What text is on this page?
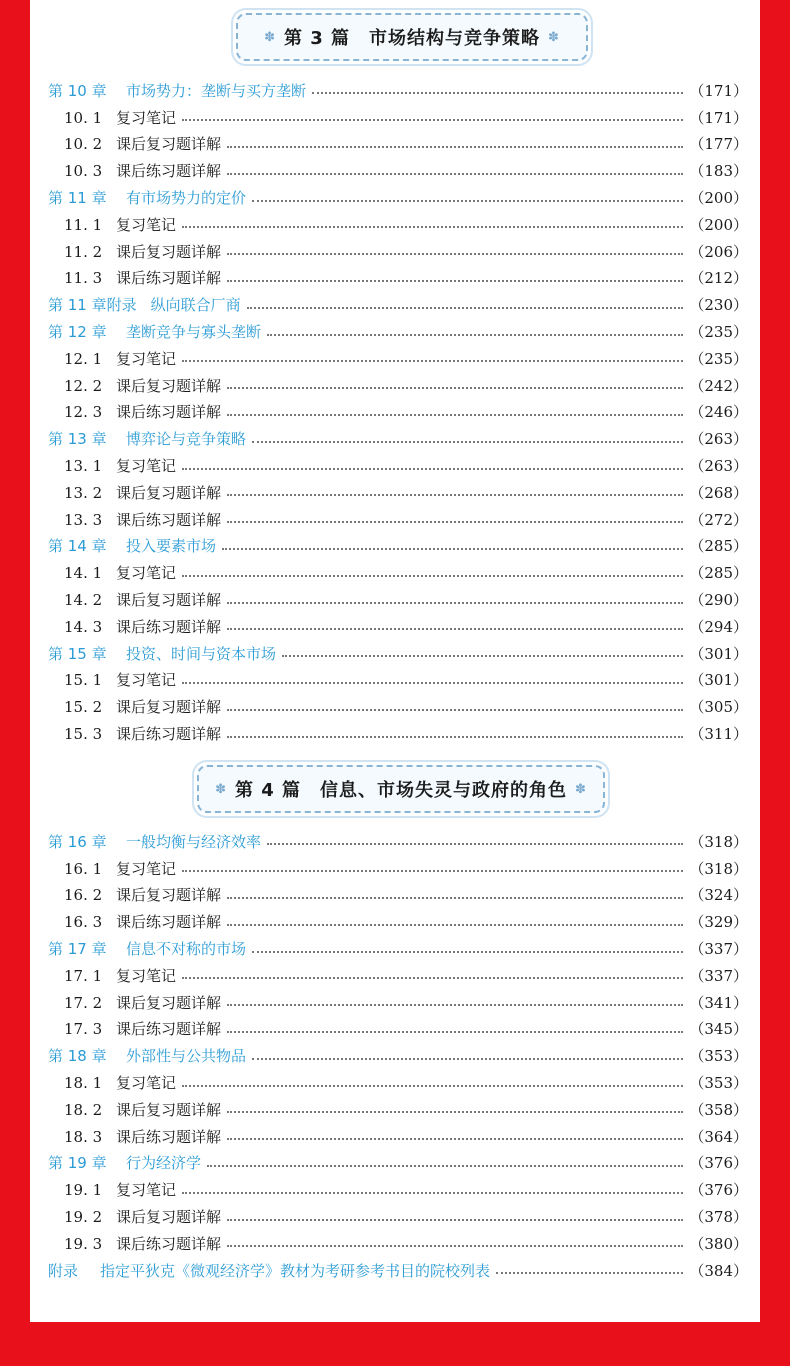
✽ 第 3 篇　市场结构与竞争策略 ✽
第 10 章 市场势力：垄断与买方垄断	（171）
10. 1 复习笔记	（171）
10. 2 课后复习题详解	（177）
10. 3 课后练习题详解	（183）
第 11 章 有市场势力的定价	（200）
11. 1 复习笔记	（200）
11. 2 课后复习题详解	（206）
11. 3 课后练习题详解	（212）
第 11 章附录 纵向联合厂商	（230）
第 12 章 垄断竞争与寡头垄断	（235）
12. 1 复习笔记	（235）
12. 2 课后复习题详解	（242）
12. 3 课后练习题详解	（246）
第 13 章 博弈论与竞争策略	（263）
13. 1 复习笔记	（263）
13. 2 课后复习题详解	（268）
13. 3 课后练习题详解	（272）
第 14 章 投入要素市场	（285）
14. 1 复习笔记	（285）
14. 2 课后复习题详解	（290）
14. 3 课后练习题详解	（294）
第 15 章 投资、时间与资本市场	（301）
15. 1 复习笔记	（301）
15. 2 课后复习题详解	（305）
15. 3 课后练习题详解	（311）
✽ 第 4 篇　信息、市场失灵与政府的角色 ✽
第 16 章 一般均衡与经济效率	（318）
16. 1 复习笔记	（318）
16. 2 课后复习题详解	（324）
16. 3 课后练习题详解	（329）
第 17 章 信息不对称的市场	（337）
17. 1 复习笔记	（337）
17. 2 课后复习题详解	（341）
17. 3 课后练习题详解	（345）
第 18 章 外部性与公共物品	（353）
18. 1 复习笔记	（353）
18. 2 课后复习题详解	（358）
18. 3 课后练习题详解	（364）
第 19 章 行为经济学	（376）
19. 1 复习笔记	（376）
19. 2 课后复习题详解	（378）
19. 3 课后练习题详解	（380）
附录 指定平狄克《微观经济学》教材为考研参考书目的院校列表	（384）
